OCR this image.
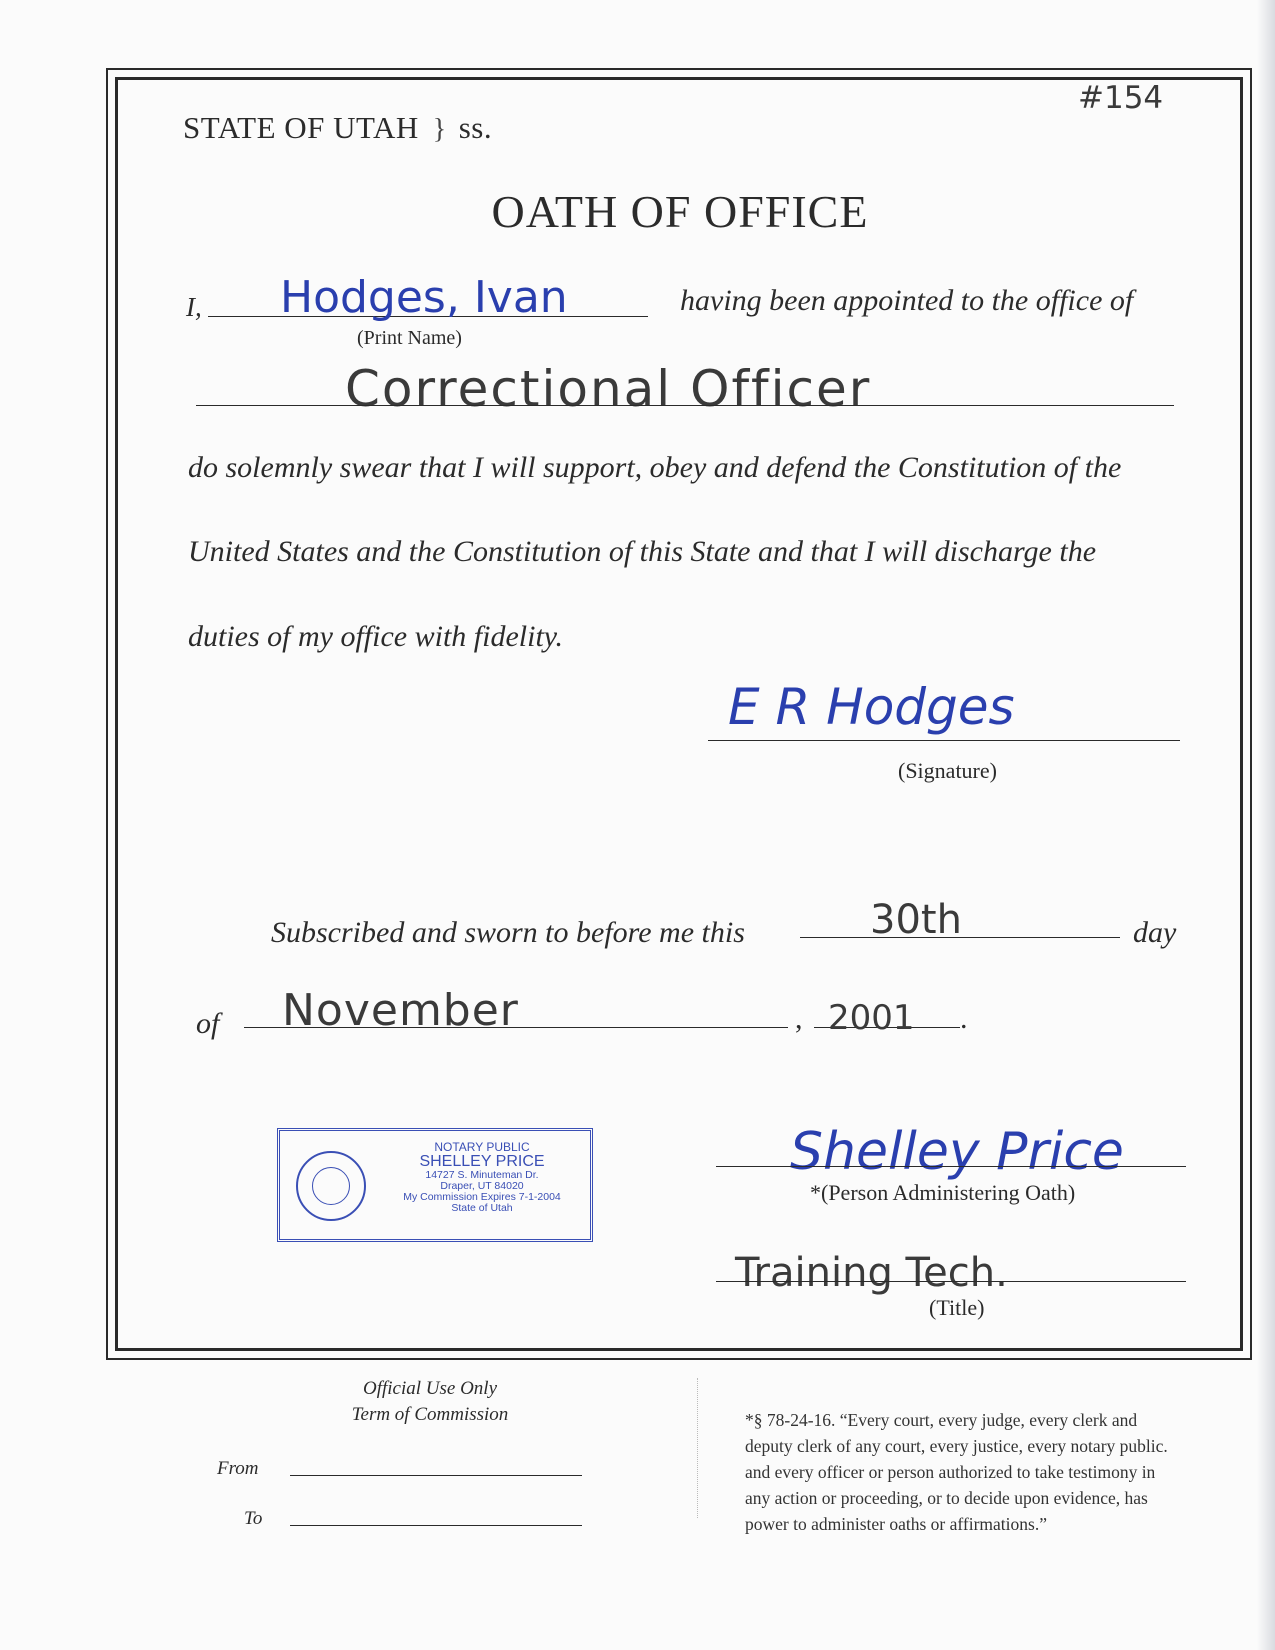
STATE OF UTAH } ss.
#154
OATH OF OFFICE
I, Hodges, Ivan
(Print Name)
having been appointed to the office of
Correctional Officer
do solemnly swear that I will support, obey and defend the Constitution of the
United States and the Constitution of this State and that I will discharge the
duties of my office with fidelity.
E R Hodges
(Signature)
Subscribed and sworn to before me this	30th	day
of November	, 2001 .
NOTARY PUBLIC
SHELLEY PRICE
14727 S. Minuteman Dr.
Draper, UT 84020
My Commission Expires 7-1-2004
State of Utah
Shelley Price
*(Person Administering Oath)
Training Tech.
(Title)
Official Use Only
Term of Commission
From
To
*§ 78-24-16. “Every court, every judge, every clerk and
deputy clerk of any court, every justice, every notary public.
and every officer or person authorized to take testimony in
any action or proceeding, or to decide upon evidence, has
power to administer oaths or affirmations.”
